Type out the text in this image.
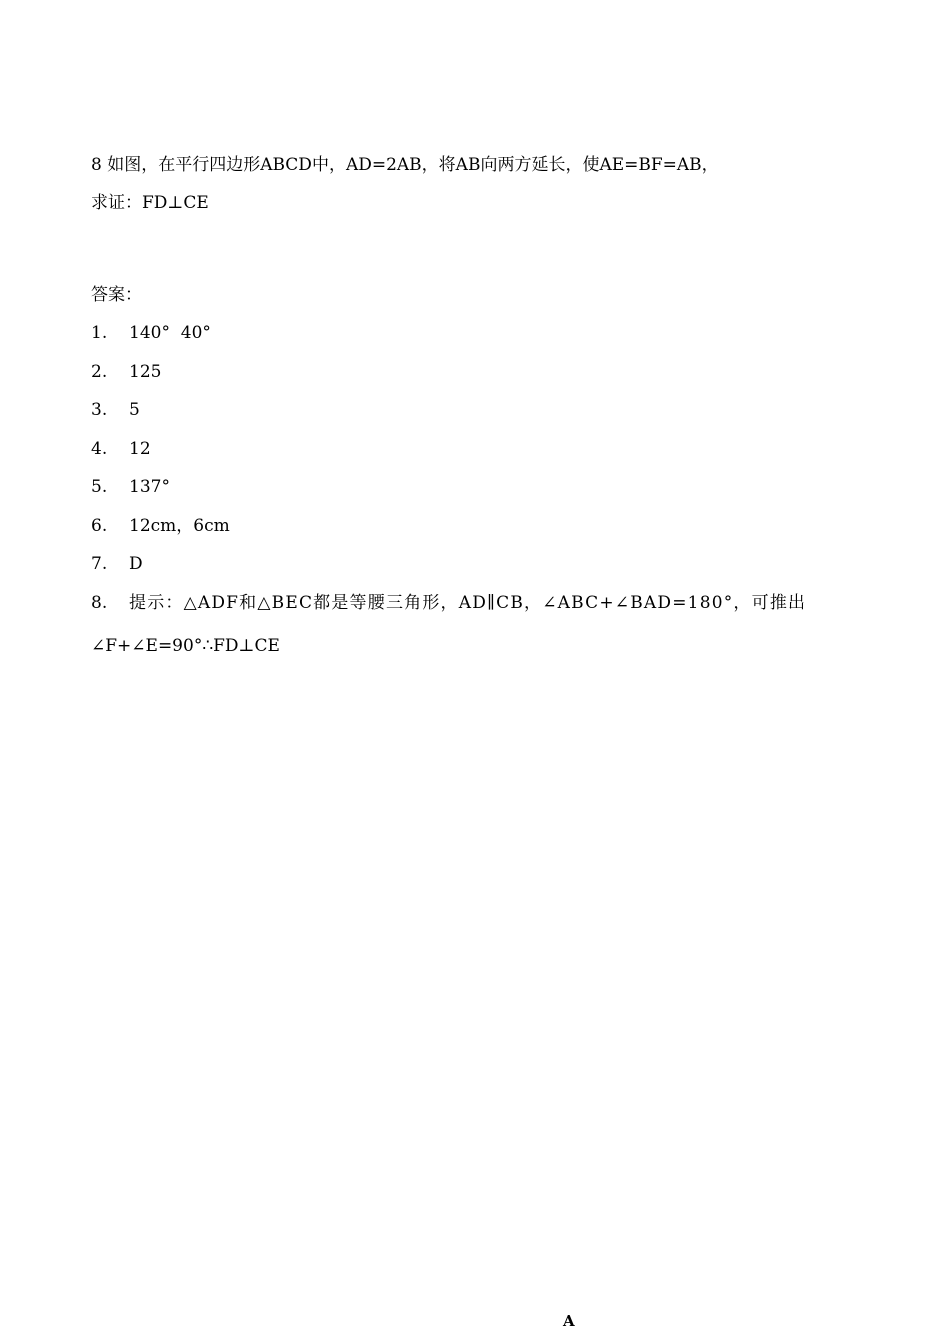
8 如图，在平行四边形ABCD中，AD=2AB，将AB向两方延长，使AE=BF=AB，
求证：FD⊥CE
答案：
1. 140°  40°
2. 125
3. 5
4. 12
5. 137°
6. 12cm，6cm
7. D
8. 提示：△ADF和△BEC都是等腰三角形，AD∥CB，∠ABC+∠BAD=180°，可推出
∠F+∠E=90°∴FD⊥CE
A
